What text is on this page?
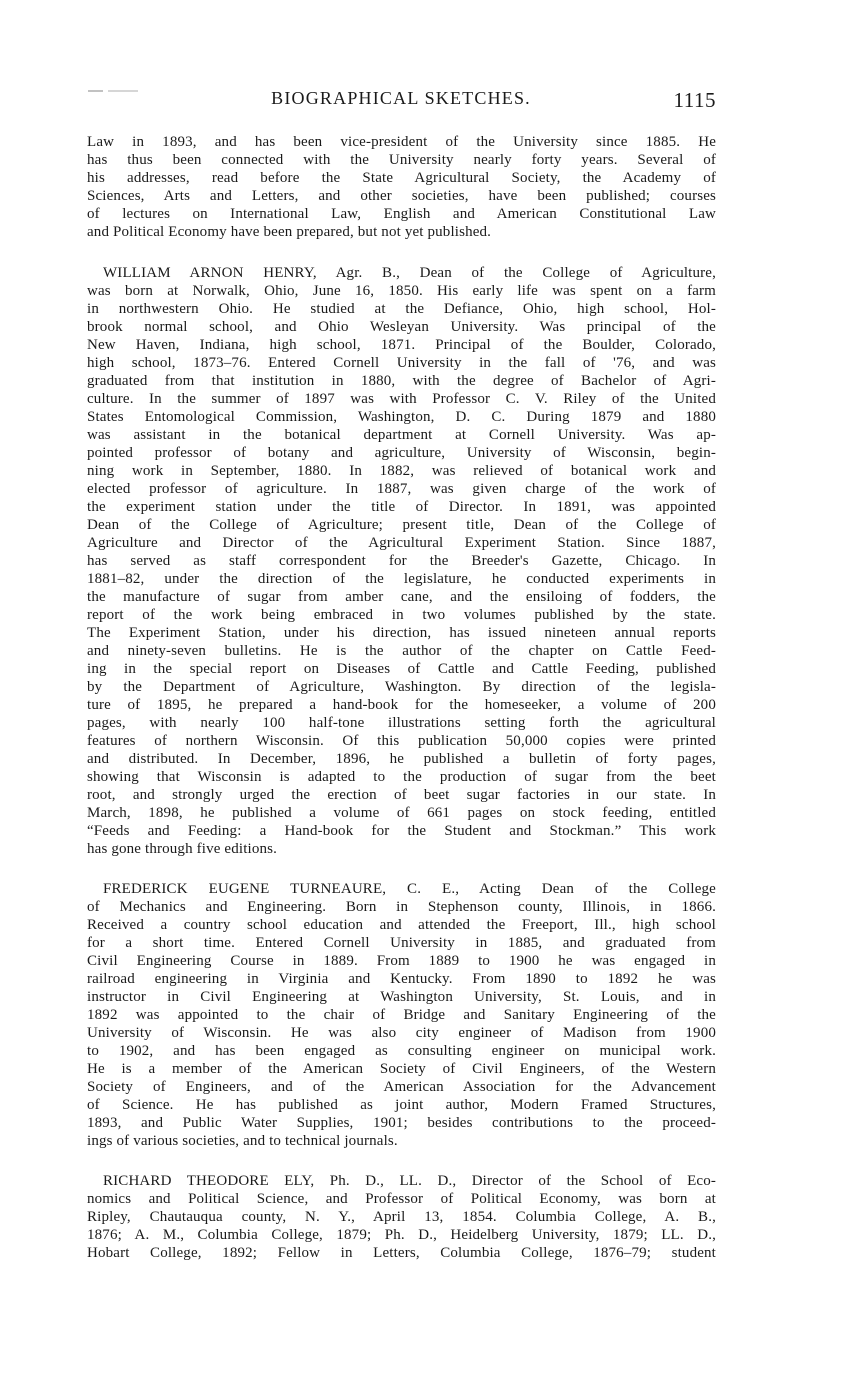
BIOGRAPHICAL SKETCHES.	1115
Law in 1893, and has been vice-president of the University since 1885. He
has thus been connected with the University nearly forty years. Several of
his addresses, read before the State Agricultural Society, the Academy of
Sciences, Arts and Letters, and other societies, have been published; courses
of lectures on International Law, English and American Constitutional Law
and Political Economy have been prepared, but not yet published.
WILLIAM ARNON HENRY, Agr. B., Dean of the College of Agriculture,
was born at Norwalk, Ohio, June 16, 1850. His early life was spent on a farm
in northwestern Ohio. He studied at the Defiance, Ohio, high school, Hol-
brook normal school, and Ohio Wesleyan University. Was principal of the
New Haven, Indiana, high school, 1871. Principal of the Boulder, Colorado,
high school, 1873–76. Entered Cornell University in the fall of '76, and was
graduated from that institution in 1880, with the degree of Bachelor of Agri-
culture. In the summer of 1897 was with Professor C. V. Riley of the United
States Entomological Commission, Washington, D. C. During 1879 and 1880
was assistant in the botanical department at Cornell University. Was ap-
pointed professor of botany and agriculture, University of Wisconsin, begin-
ning work in September, 1880. In 1882, was relieved of botanical work and
elected professor of agriculture. In 1887, was given charge of the work of
the experiment station under the title of Director. In 1891, was appointed
Dean of the College of Agriculture; present title, Dean of the College of
Agriculture and Director of the Agricultural Experiment Station. Since 1887,
has served as staff correspondent for the Breeder's Gazette, Chicago. In
1881–82, under the direction of the legislature, he conducted experiments in
the manufacture of sugar from amber cane, and the ensiloing of fodders, the
report of the work being embraced in two volumes published by the state.
The Experiment Station, under his direction, has issued nineteen annual reports
and ninety-seven bulletins. He is the author of the chapter on Cattle Feed-
ing in the special report on Diseases of Cattle and Cattle Feeding, published
by the Department of Agriculture, Washington. By direction of the legisla-
ture of 1895, he prepared a hand-book for the homeseeker, a volume of 200
pages, with nearly 100 half-tone illustrations setting forth the agricultural
features of northern Wisconsin. Of this publication 50,000 copies were printed
and distributed. In December, 1896, he published a bulletin of forty pages,
showing that Wisconsin is adapted to the production of sugar from the beet
root, and strongly urged the erection of beet sugar factories in our state. In
March, 1898, he published a volume of 661 pages on stock feeding, entitled
“Feeds and Feeding: a Hand-book for the Student and Stockman.” This work
has gone through five editions.
FREDERICK EUGENE TURNEAURE, C. E., Acting Dean of the College
of Mechanics and Engineering. Born in Stephenson county, Illinois, in 1866.
Received a country school education and attended the Freeport, Ill., high school
for a short time. Entered Cornell University in 1885, and graduated from
Civil Engineering Course in 1889. From 1889 to 1900 he was engaged in
railroad engineering in Virginia and Kentucky. From 1890 to 1892 he was
instructor in Civil Engineering at Washington University, St. Louis, and in
1892 was appointed to the chair of Bridge and Sanitary Engineering of the
University of Wisconsin. He was also city engineer of Madison from 1900
to 1902, and has been engaged as consulting engineer on municipal work.
He is a member of the American Society of Civil Engineers, of the Western
Society of Engineers, and of the American Association for the Advancement
of Science. He has published as joint author, Modern Framed Structures,
1893, and Public Water Supplies, 1901; besides contributions to the proceed-
ings of various societies, and to technical journals.
RICHARD THEODORE ELY, Ph. D., LL. D., Director of the School of Eco-
nomics and Political Science, and Professor of Political Economy, was born at
Ripley, Chautauqua county, N. Y., April 13, 1854. Columbia College, A. B.,
1876; A. M., Columbia College, 1879; Ph. D., Heidelberg University, 1879; LL. D.,
Hobart College, 1892; Fellow in Letters, Columbia College, 1876–79; student
